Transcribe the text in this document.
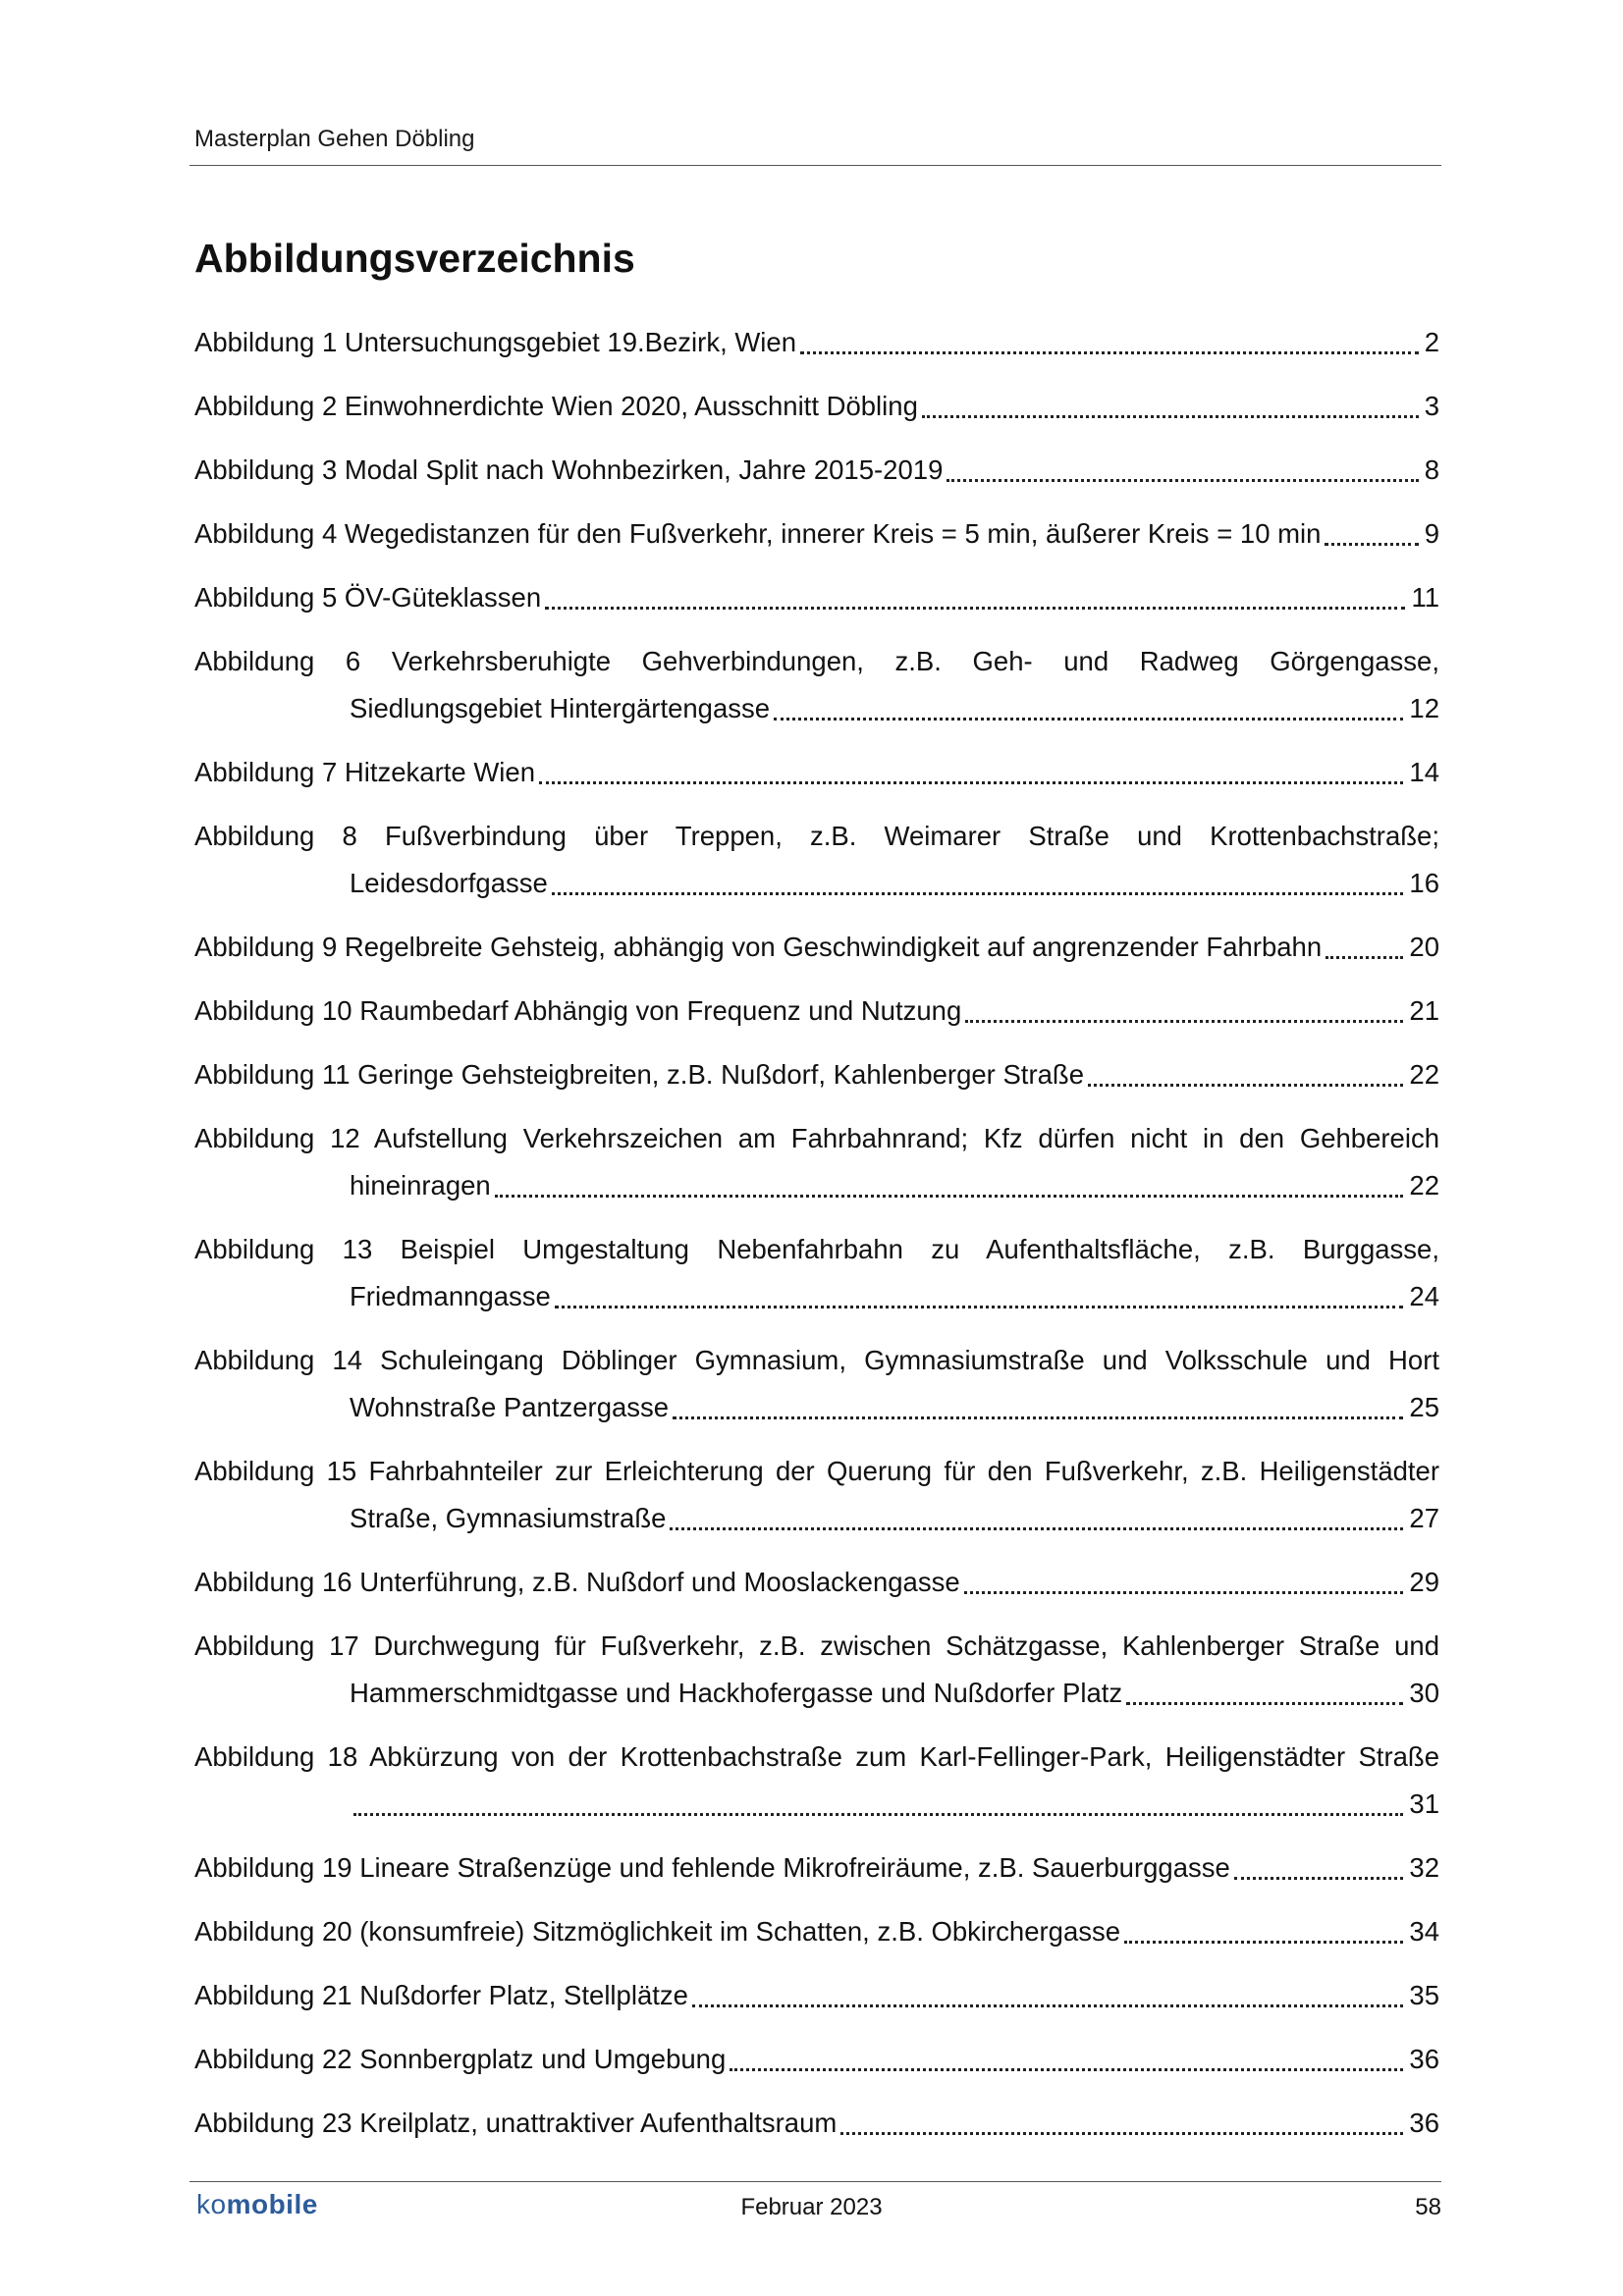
Masterplan Gehen Döbling
Abbildungsverzeichnis
Abbildung 1 Untersuchungsgebiet 19.Bezirk, Wien	2
Abbildung 2 Einwohnerdichte Wien 2020, Ausschnitt Döbling	3
Abbildung 3 Modal Split nach Wohnbezirken, Jahre 2015-2019	8
Abbildung 4 Wegedistanzen für den Fußverkehr, innerer Kreis = 5 min, äußerer Kreis = 10 min	9
Abbildung 5 ÖV-Güteklassen	11
Abbildung 6 Verkehrsberuhigte Gehverbindungen, z.B. Geh- und Radweg Görgengasse,
Siedlungsgebiet Hintergärtengasse	12
Abbildung 7 Hitzekarte Wien	14
Abbildung 8 Fußverbindung über Treppen, z.B. Weimarer Straße und Krottenbachstraße;
Leidesdorfgasse	16
Abbildung 9 Regelbreite Gehsteig, abhängig von Geschwindigkeit auf angrenzender Fahrbahn	20
Abbildung 10 Raumbedarf Abhängig von Frequenz und Nutzung	21
Abbildung 11 Geringe Gehsteigbreiten, z.B. Nußdorf, Kahlenberger Straße	22
Abbildung 12 Aufstellung Verkehrszeichen am Fahrbahnrand; Kfz dürfen nicht in den Gehbereich
hineinragen	22
Abbildung 13 Beispiel Umgestaltung Nebenfahrbahn zu Aufenthaltsfläche, z.B. Burggasse,
Friedmanngasse	24
Abbildung 14 Schuleingang Döblinger Gymnasium, Gymnasiumstraße und Volksschule und Hort
Wohnstraße Pantzergasse	25
Abbildung 15 Fahrbahnteiler zur Erleichterung der Querung für den Fußverkehr, z.B. Heiligenstädter
Straße, Gymnasiumstraße	27
Abbildung 16 Unterführung, z.B. Nußdorf und Mooslackengasse	29
Abbildung 17 Durchwegung für Fußverkehr, z.B. zwischen Schätzgasse, Kahlenberger Straße und
Hammerschmidtgasse und Hackhofergasse und Nußdorfer Platz	30
Abbildung 18 Abkürzung von der Krottenbachstraße zum Karl-Fellinger-Park, Heiligenstädter Straße
31
Abbildung 19 Lineare Straßenzüge und fehlende Mikrofreiräume, z.B. Sauerburggasse	32
Abbildung 20 (konsumfreie) Sitzmöglichkeit im Schatten, z.B. Obkirchergasse	34
Abbildung 21 Nußdorfer Platz, Stellplätze	35
Abbildung 22 Sonnbergplatz und Umgebung	36
Abbildung 23 Kreilplatz, unattraktiver Aufenthaltsraum	36
komobile	Februar 2023	58
